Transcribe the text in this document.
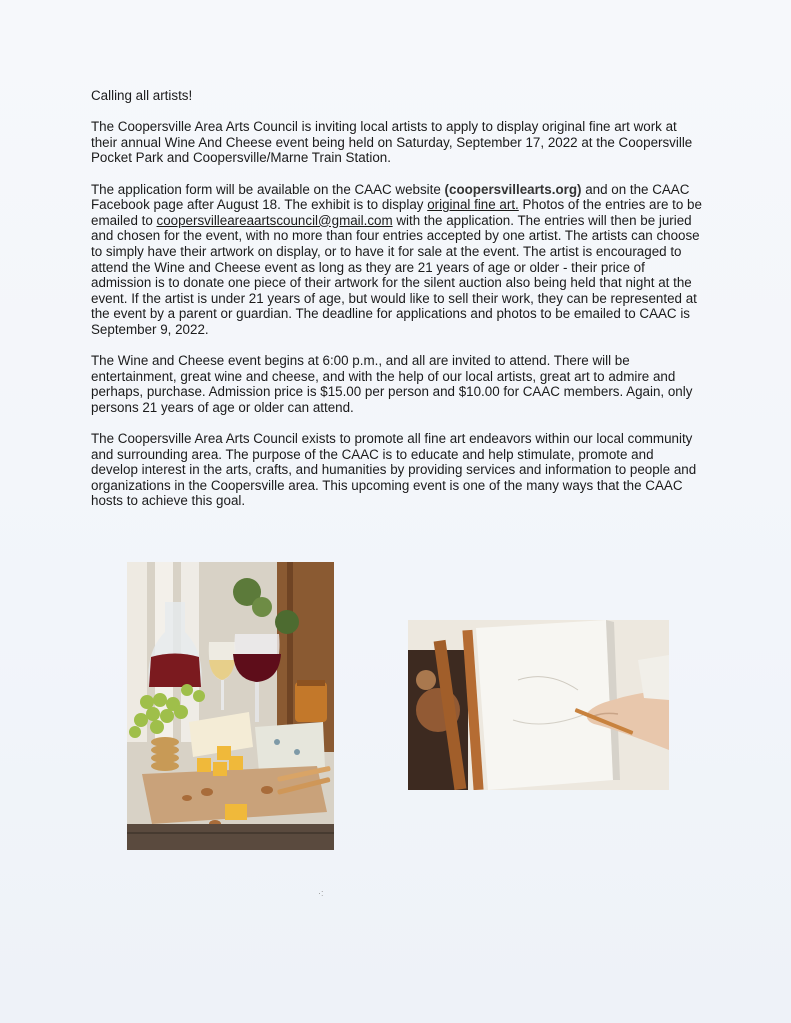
Calling all artists!

The Coopersville Area Arts Council is inviting local artists to apply to display original fine art work at their annual Wine And Cheese event being held on Saturday, September 17, 2022 at the Coopersville Pocket Park and Coopersville/Marne Train Station.

The application form will be available on the CAAC website (coopersvillearts.org) and on the CAAC Facebook page after August 18. The exhibit is to display original fine art. Photos of the entries are to be emailed to coopersvilleareaartscouncil@gmail.com with the application. The entries will then be juried and chosen for the event, with no more than four entries accepted by one artist. The artists can choose to simply have their artwork on display, or to have it for sale at the event. The artist is encouraged to attend the Wine and Cheese event as long as they are 21 years of age or older - their price of admission is to donate one piece of their artwork for the silent auction also being held that night at the event. If the artist is under 21 years of age, but would like to sell their work, they can be represented at the event by a parent or guardian. The deadline for applications and photos to be emailed to CAAC is September 9, 2022.

The Wine and Cheese event begins at 6:00 p.m., and all are invited to attend. There will be entertainment, great wine and cheese, and with the help of our local artists, great art to admire and perhaps, purchase. Admission price is $15.00 per person and $10.00 for CAAC members. Again, only persons 21 years of age or older can attend.

The Coopersville Area Arts Council exists to promote all fine art endeavors within our local community and surrounding area. The purpose of the CAAC is to educate and help stimulate, promote and develop interest in the arts, crafts, and humanities by providing services and information to people and organizations in the Coopersville area. This upcoming event is one of the many ways that the CAAC hosts to achieve this goal.

·:
